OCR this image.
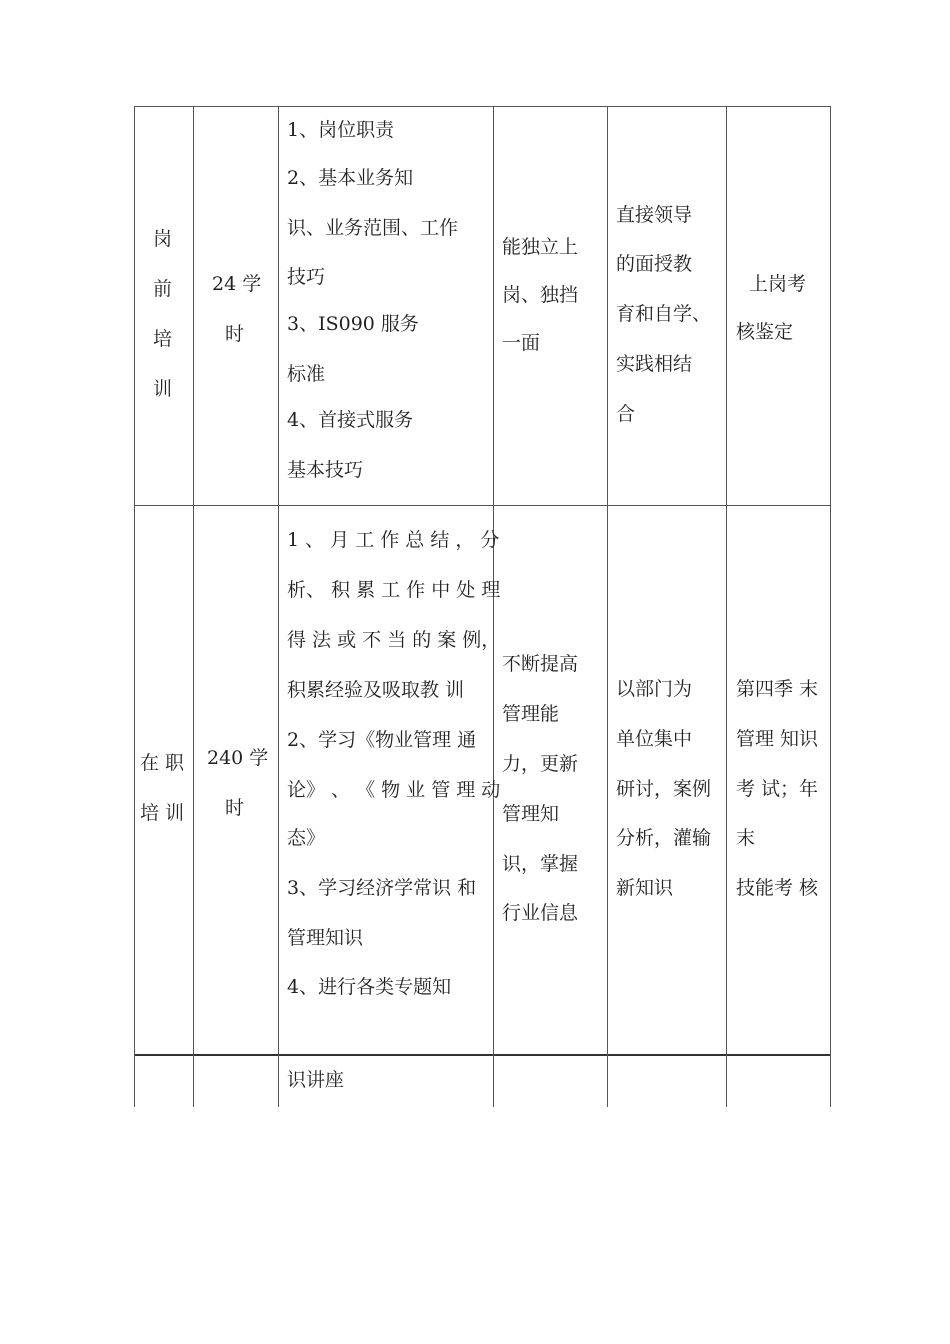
岗
前
培
训
24 学
时
1、岗位职责
2、基本业务知
识、业务范围、工作
技巧
3、IS090 服务
标准
4、首接式服务
基本技巧
能独立上
岗、独挡
一面
直接领导
的面授教
育和自学、
实践相结
合
上岗考
核鉴定
在 职
培 训
240 学
时
1 、 月 工 作 总 结 ， 分
析、 积 累 工 作 中 处 理
得 法 或 不 当 的 案 例，
积累经验及吸取教 训
2、学习《物业管理 通
论》 、 《 物 业 管 理 动
态》
3、学习经济学常识 和
管理知识
4、进行各类专题知
不断提高
管理能
力，更新
管理知
识，掌握
行业信息
以部门为
单位集中
研讨，案例
分析，灌输
新知识
第四季 末
管理 知识
考 试；年
末
技能考 核
识讲座
